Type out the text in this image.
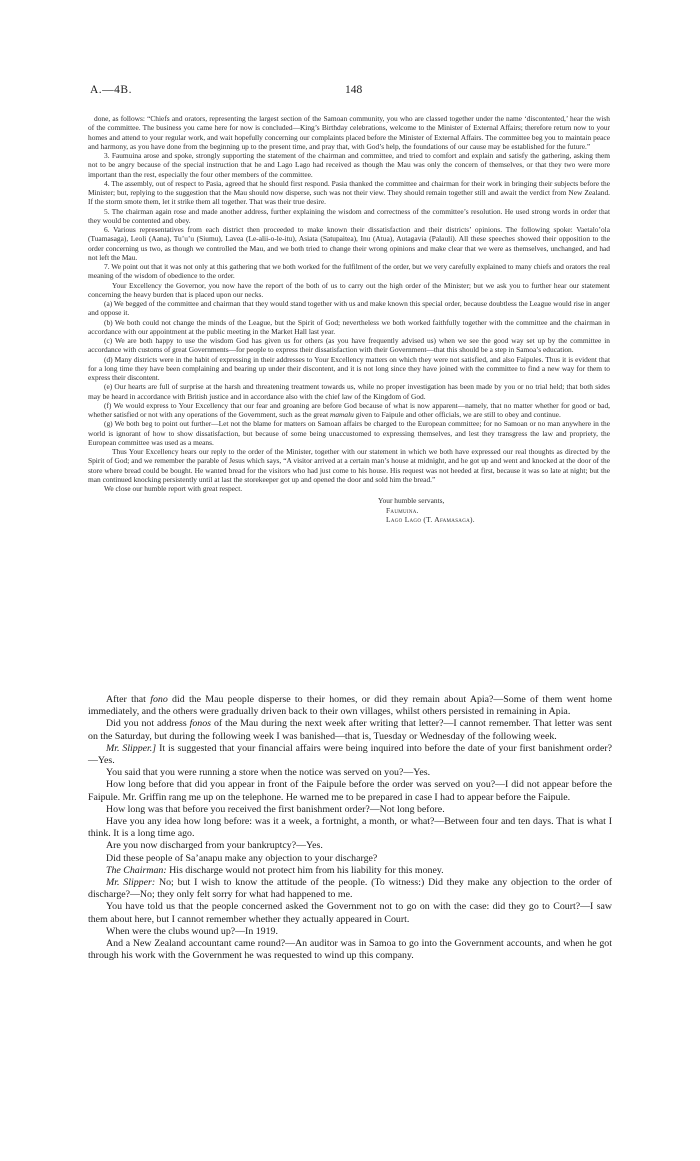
A.—4B.	148

done, as follows: “Chiefs and orators, representing the largest section of the Samoan community, you who are classed together under the name ‘discontented,’ hear the wish of the committee. The business you came here for now is concluded—King’s Birthday celebrations, welcome to the Minister of External Affairs; therefore return now to your homes and attend to your regular work, and wait hopefully concerning our complaints placed before the Minister of External Affairs. The committee beg you to maintain peace and harmony, as you have done from the beginning up to the present time, and pray that, with God’s help, the foundations of our cause may be established for the future.”

3. Faumuina arose and spoke, strongly supporting the statement of the chairman and committee, and tried to comfort and explain and satisfy the gathering, asking them not to be angry because of the special instruction that he and Lago Lago had received as though the Mau was only the concern of themselves, or that they two were more important than the rest, especially the four other members of the committee.

4. The assembly, out of respect to Pasia, agreed that he should first respond. Pasia thanked the committee and chairman for their work in bringing their subjects before the Minister; but, replying to the suggestion that the Mau should now disperse, such was not their view. They should remain together still and await the verdict from New Zealand. If the storm smote them, let it strike them all together. That was their true desire.

5. The chairman again rose and made another address, further explaining the wisdom and correctness of the committee’s resolution. He used strong words in order that they would be contented and obey.

6. Various representatives from each district then proceeded to make known their dissatisfaction and their districts’ opinions. The following spoke: Vaetalo’ola (Tuamasaga), Leoli (Aana), Tu’u’u (Siumu), Lavea (Le-alii-o-le-itu), Asiata (Satupaitea), Inu (Atua), Autagavia (Palauli). All these speeches showed their opposition to the order concerning us two, as though we controlled the Mau, and we both tried to change their wrong opinions and make clear that we were as themselves, unchanged, and had not left the Mau.

7. We point out that it was not only at this gathering that we both worked for the fulfilment of the order, but we very carefully explained to many chiefs and orators the real meaning of the wisdom of obedience to the order.

Your Excellency the Governor, you now have the report of the both of us to carry out the high order of the Minister; but we ask you to further hear our statement concerning the heavy burden that is placed upon our necks.

(a) We begged of the committee and chairman that they would stand together with us and make known this special order, because doubtless the League would rise in anger and oppose it.

(b) We both could not change the minds of the League, but the Spirit of God; nevertheless we both worked faithfully together with the committee and the chairman in accordance with our appointment at the public meeting in the Market Hall last year.

(c) We are both happy to use the wisdom God has given us for others (as you have frequently advised us) when we see the good way set up by the committee in accordance with customs of great Governments—for people to express their dissatisfaction with their Government—that this should be a step in Samoa’s education.

(d) Many districts were in the habit of expressing in their addresses to Your Excellency matters on which they were not satisfied, and also Faipules. Thus it is evident that for a long time they have been complaining and bearing up under their discontent, and it is not long since they have joined with the committee to find a new way for them to express their discontent.

(e) Our hearts are full of surprise at the harsh and threatening treatment towards us, while no proper investigation has been made by you or no trial held; that both sides may be heard in accordance with British justice and in accordance also with the chief law of the Kingdom of God.

(f) We would express to Your Excellency that our fear and groaning are before God because of what is now apparent—namely, that no matter whether for good or bad, whether satisfied or not with any operations of the Government, such as the great mamalu given to Faipule and other officials, we are still to obey and continue.

(g) We both beg to point out further—Let not the blame for matters on Samoan affairs be charged to the European committee; for no Samoan or no man anywhere in the world is ignorant of how to show dissatisfaction, but because of some being unaccustomed to expressing themselves, and lest they transgress the law and propriety, the European committee was used as a means.

Thus Your Excellency hears our reply to the order of the Minister, together with our statement in which we both have expressed our real thoughts as directed by the Spirit of God; and we remember the parable of Jesus which says, “A visitor arrived at a certain man’s house at midnight, and he got up and went and knocked at the door of the store where bread could be bought. He wanted bread for the visitors who had just come to his house. His request was not heeded at first, because it was so late at night; but the man continued knocking persistently until at last the storekeeper got up and opened the door and sold him the bread.”

We close our humble report with great respect.

Your humble servants,
Faumuina.
Lago Lago (T. Afamasaga).

After that fono did the Mau people disperse to their homes, or did they remain about Apia?—Some of them went home immediately, and the others were gradually driven back to their own villages, whilst others persisted in remaining in Apia.

Did you not address fonos of the Mau during the next week after writing that letter?—I cannot remember. That letter was sent on the Saturday, but during the following week I was banished—that is, Tuesday or Wednesday of the following week.

Mr. Slipper.] It is suggested that your financial affairs were being inquired into before the date of your first banishment order?—Yes.

You said that you were running a store when the notice was served on you?—Yes.

How long before that did you appear in front of the Faipule before the order was served on you?—I did not appear before the Faipule. Mr. Griffin rang me up on the telephone. He warned me to be prepared in case I had to appear before the Faipule.

How long was that before you received the first banishment order?—Not long before.

Have you any idea how long before: was it a week, a fortnight, a month, or what?—Between four and ten days. That is what I think. It is a long time ago.

Are you now discharged from your bankruptcy?—Yes.

Did these people of Sa’anapu make any objection to your discharge?

The Chairman: His discharge would not protect him from his liability for this money.

Mr. Slipper: No; but I wish to know the attitude of the people. (To witness:) Did they make any objection to the order of discharge?—No; they only felt sorry for what had happened to me.

You have told us that the people concerned asked the Government not to go on with the case: did they go to Court?—I saw them about here, but I cannot remember whether they actually appeared in Court.

When were the clubs wound up?—In 1919.

And a New Zealand accountant came round?—An auditor was in Samoa to go into the Government accounts, and when he got through his work with the Government he was requested to wind up this company.
